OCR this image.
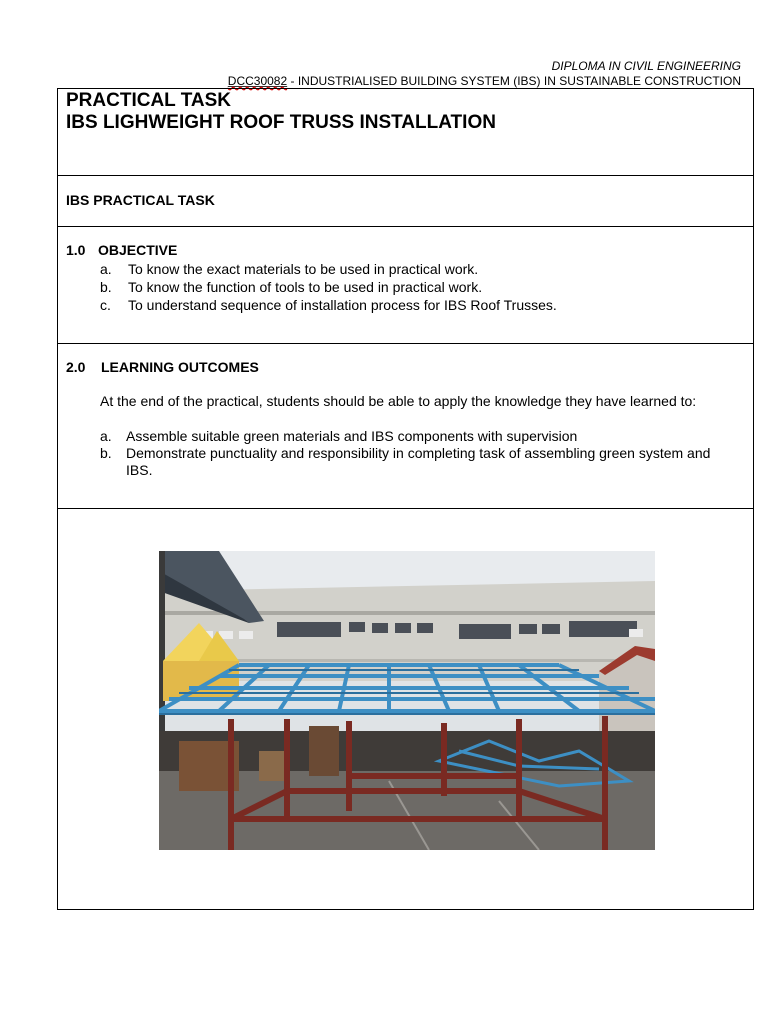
DIPLOMA IN CIVIL ENGINEERING
DCC30082 - INDUSTRIALISED BUILDING SYSTEM (IBS) IN SUSTAINABLE CONSTRUCTION
PRACTICAL TASK
IBS LIGHWEIGHT ROOF TRUSS INSTALLATION
IBS PRACTICAL TASK
1.0 OBJECTIVE
a. To know the exact materials to be used in practical work.
b. To know the function of tools to be used in practical work.
c. To understand sequence of installation process for IBS Roof Trusses.
2.0 LEARNING OUTCOMES
At the end of the practical, students should be able to apply the knowledge they have learned to:
a. Assemble suitable green materials and IBS components with supervision
b. Demonstrate punctuality and responsibility in completing task of assembling green system and IBS.
